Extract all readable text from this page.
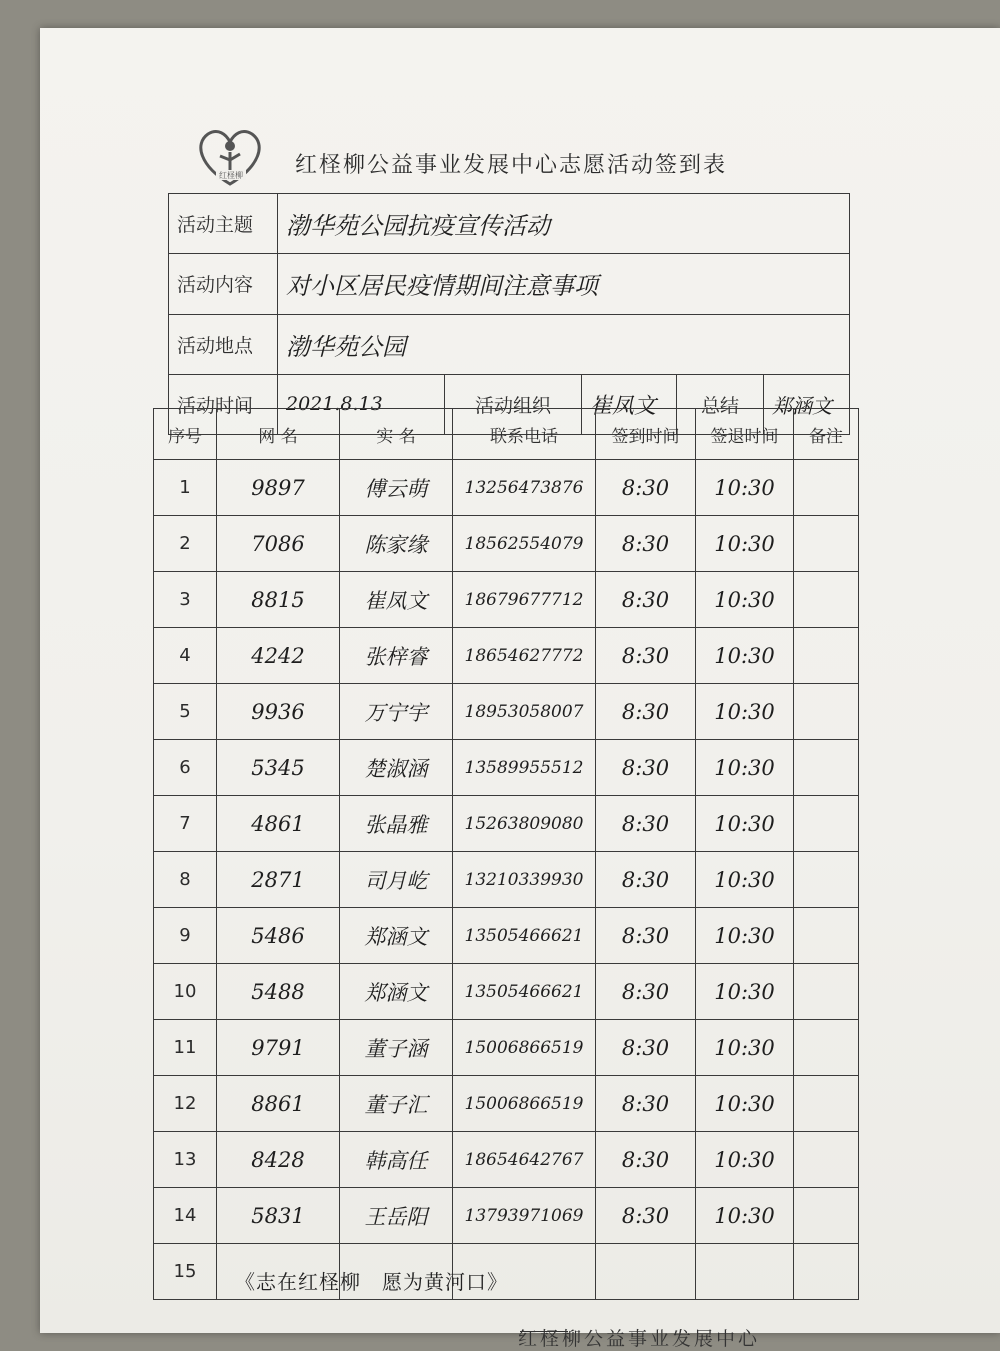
红柽柳 红柽柳公益事业发展中心志愿活动签到表
活动主题	渤华苑公园抗疫宣传活动				
活动内容	对小区居民疫情期间注意事项				
活动地点	渤华苑公园				
活动时间	2021.8.13	活动组织	崔凤文	总结	郑涵文
序号	网 名	实 名	联系电话	签到时间	签退时间	备注
1	9897	傅云萌	13256473876	8:30	10:30	
2	7086	陈家缘	18562554079	8:30	10:30	
3	8815	崔凤文	18679677712	8:30	10:30	
4	4242	张梓睿	18654627772	8:30	10:30	
5	9936	万宁宇	18953058007	8:30	10:30	
6	5345	楚淑涵	13589955512	8:30	10:30	
7	4861	张晶雅	15263809080	8:30	10:30	
8	2871	司月屹	13210339930	8:30	10:30	
9	5486	郑涵文	13505466621	8:30	10:30	
10	5488	郑涵文	13505466621	8:30	10:30	
11	9791	董子涵	15006866519	8:30	10:30	
12	8861	董子汇	15006866519	8:30	10:30	
13	8428	韩高任	18654642767	8:30	10:30	
14	5831	王岳阳	13793971069	8:30	10:30	
15						《志在红柽柳　愿为黄河口》
红柽柳公益事业发展中心
